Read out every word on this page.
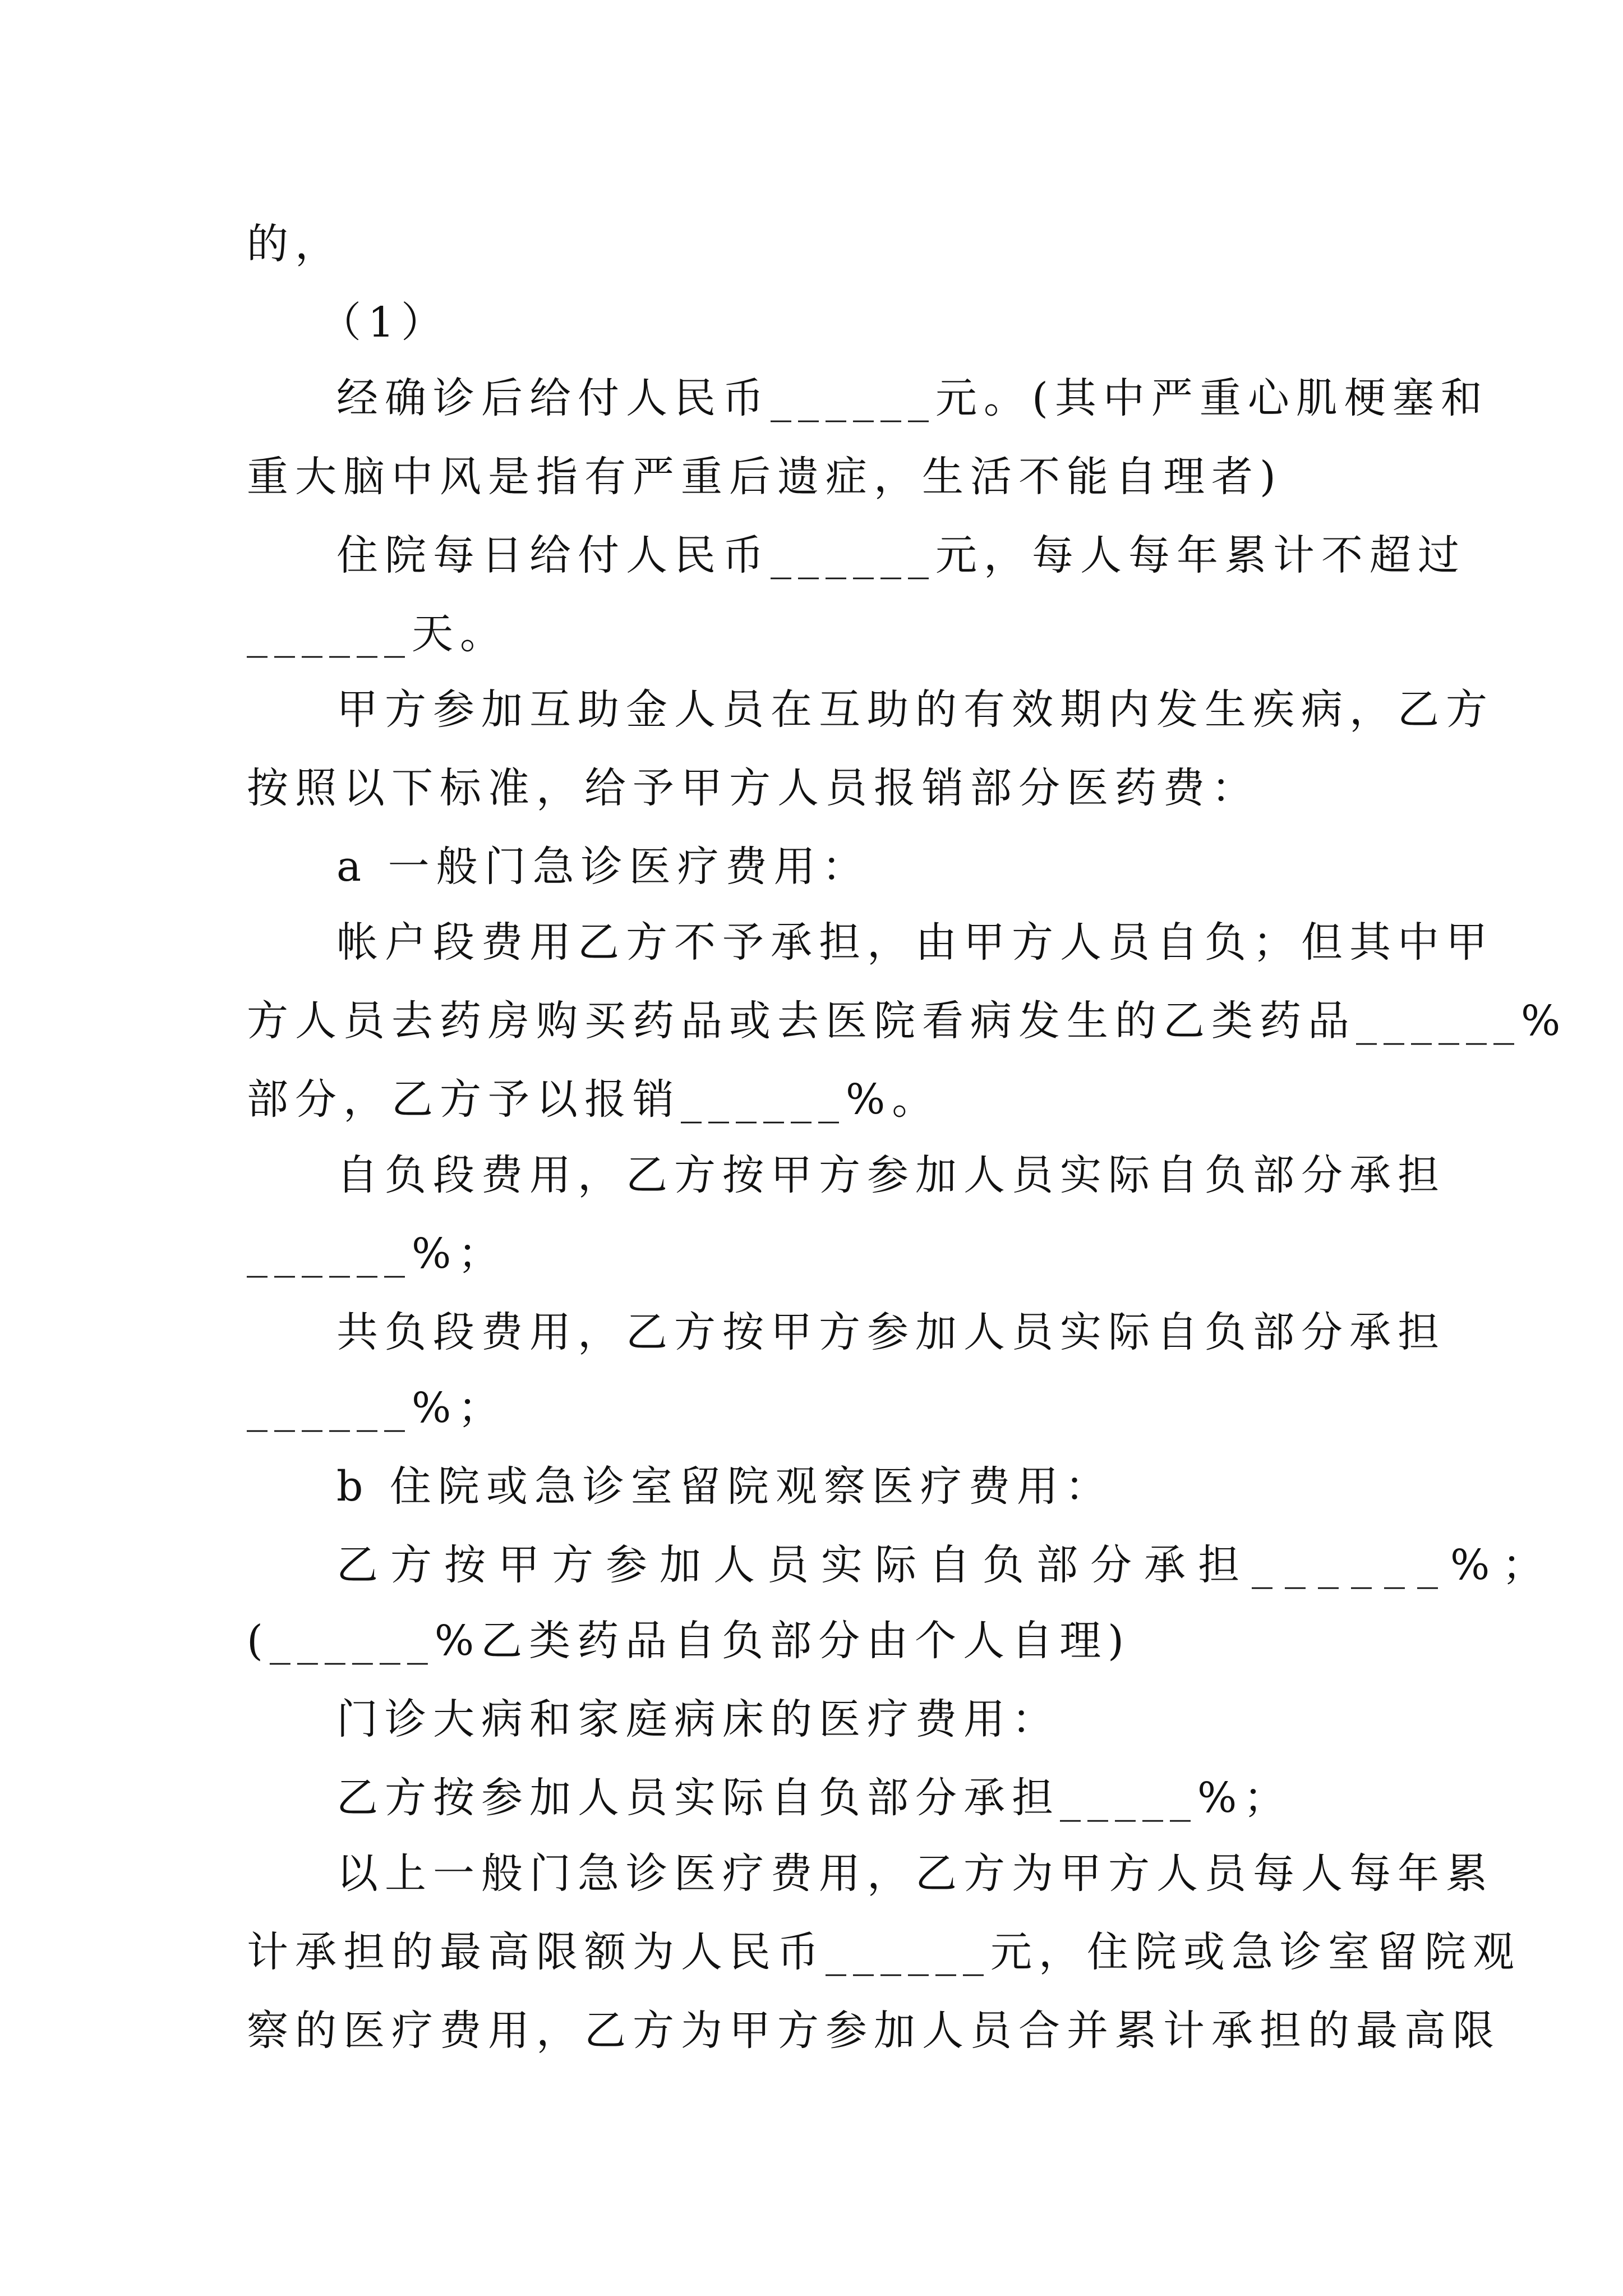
的，
（1）
经确诊后给付人民币______元。(其中严重心肌梗塞和
重大脑中风是指有严重后遗症，生活不能自理者)
住院每日给付人民币______元，每人每年累计不超过
______天。
甲方参加互助金人员在互助的有效期内发生疾病，乙方
按照以下标准，给予甲方人员报销部分医药费：
a 一般门急诊医疗费用：
帐户段费用乙方不予承担，由甲方人员自负；但其中甲
方人员去药房购买药品或去医院看病发生的乙类药品______%
部分，乙方予以报销______%。
自负段费用，乙方按甲方参加人员实际自负部分承担
______%；
共负段费用，乙方按甲方参加人员实际自负部分承担
______%；
b 住院或急诊室留院观察医疗费用：
乙方按甲方参加人员实际自负部分承担______%；
(______%乙类药品自负部分由个人自理)
门诊大病和家庭病床的医疗费用：
乙方按参加人员实际自负部分承担_____%；
以上一般门急诊医疗费用，乙方为甲方人员每人每年累
计承担的最高限额为人民币______元，住院或急诊室留院观
察的医疗费用，乙方为甲方参加人员合并累计承担的最高限
